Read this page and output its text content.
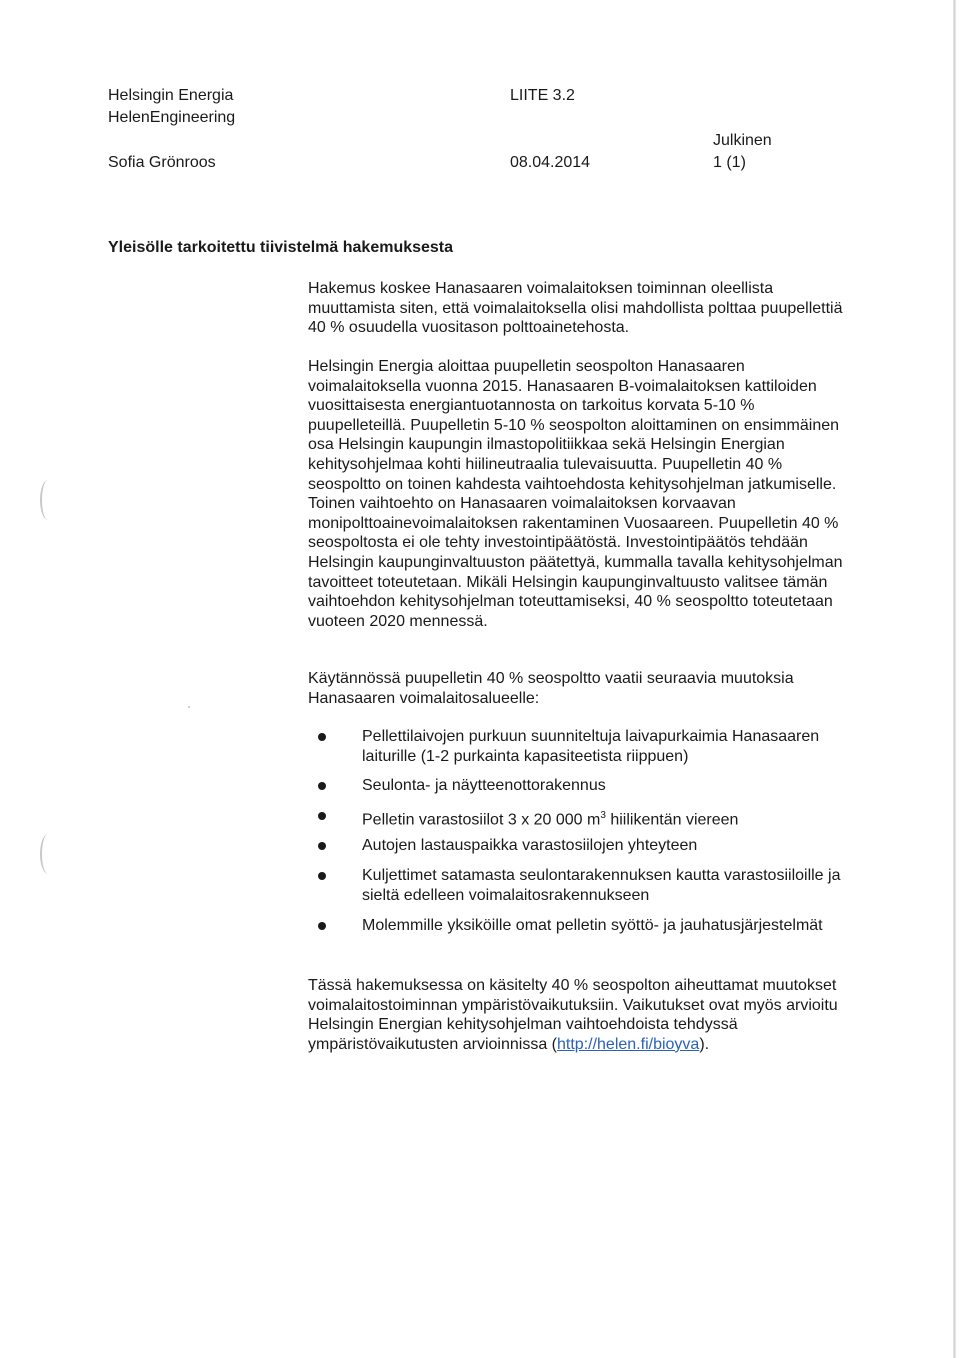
Helsingin Energia
HelenEngineering
Sofia Grönroos
LIITE 3.2
08.04.2014
Julkinen
1 (1)
Yleisölle tarkoitettu tiivistelmä hakemuksesta

Hakemus koskee Hanasaaren voimalaitoksen toiminnan oleellista muuttamista siten, että voimalaitoksella olisi mahdollista polttaa puupellettiä 40 % osuudella vuositason polttoainetehosta.

Helsingin Energia aloittaa puupelletin seospolton Hanasaaren voimalaitoksella vuonna 2015. Hanasaaren B-voimalaitoksen kattiloiden vuosittaisesta energiantuotannosta on tarkoitus korvata 5-10 % puupelleteillä. Puupelletin 5-10 % seospolton aloittaminen on ensimmäinen osa Helsingin kaupungin ilmastopolitiikkaa sekä Helsingin Energian kehitysohjelmaa kohti hiilineutraalia tulevaisuutta. Puupelletin 40 % seospoltto on toinen kahdesta vaihtoehdosta kehitysohjelman jatkumiselle. Toinen vaihtoehto on Hanasaaren voimalaitoksen korvaavan monipolttoainevoimalaitoksen rakentaminen Vuosaareen. Puupelletin 40 % seospoltosta ei ole tehty investointipäätöstä. Investointipäätös tehdään Helsingin kaupunginvaltuuston päätettyä, kummalla tavalla kehitysohjelman tavoitteet toteutetaan. Mikäli Helsingin kaupunginvaltuusto valitsee tämän vaihtoehdon kehitysohjelman toteuttamiseksi, 40 % seospoltto toteutetaan vuoteen 2020 mennessä.

Käytännössä puupelletin 40 % seospoltto vaatii seuraavia muutoksia Hanasaaren voimalaitosalueelle:

Pellettilaivojen purkuun suunniteltuja laivapurkaimia Hanasaaren laiturille (1-2 purkainta kapasiteetista riippuen)
Seulonta- ja näytteenottorakennus
Pelletin varastosiilot 3 x 20 000 $m^3$ hiilikentän viereen
Autojen lastauspaikka varastosiilojen yhteyteen
Kuljettimet satamasta seulontarakennuksen kautta varastosiiloille ja sieltä edelleen voimalaitosrakennukseen
Molemmille yksiköille omat pelletin syöttö- ja jauhatusjärjestelmät

Tässä hakemuksessa on käsitelty 40 % seospolton aiheuttamat muutokset voimalaitostoiminnan ympäristövaikutuksiin. Vaikutukset ovat myös arvioitu Helsingin Energian kehitysohjelman vaihtoehdoista tehdyssä ympäristövaikutusten arvioinnissa (http://helen.fi/bioyva).
